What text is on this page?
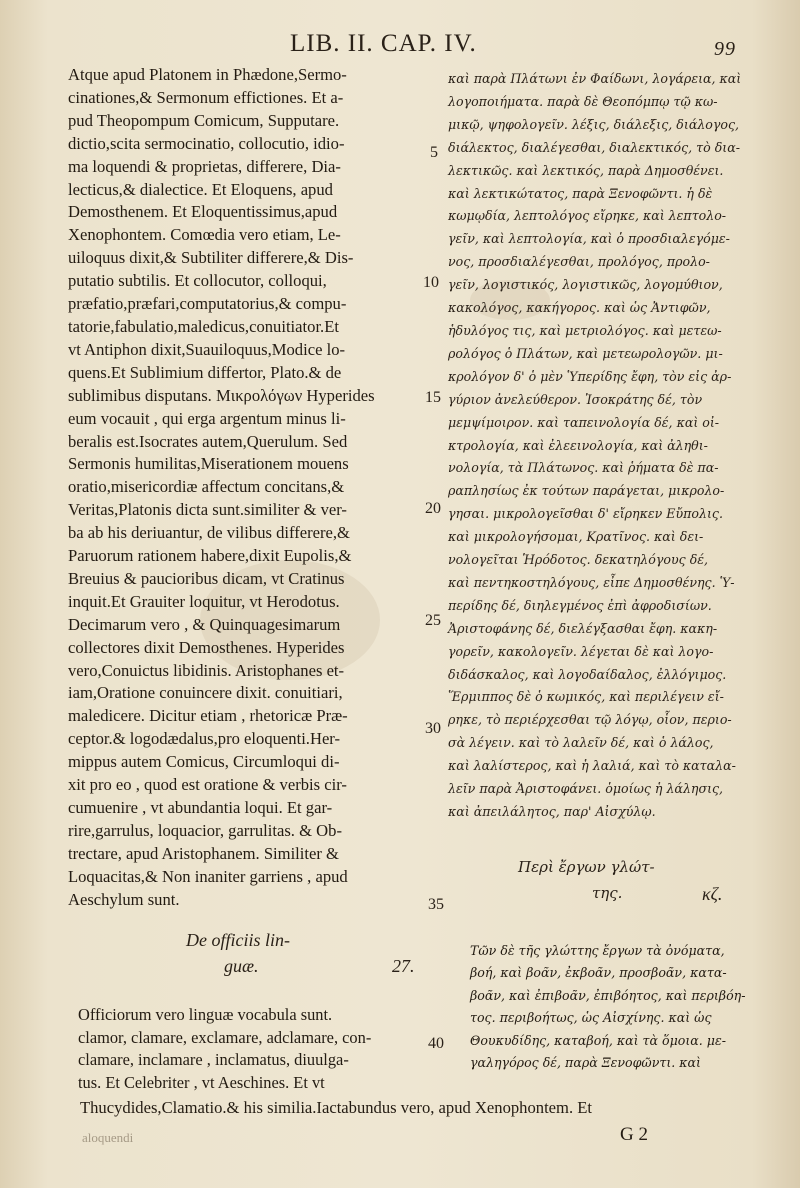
LIB. II. CAP. IV.	99
Atque apud Platonem in Phædone,Sermo-
cinationes,& Sermonum effictiones. Et a-
pud Theopompum Comicum, Supputare.
dictio,scita sermocinatio, collocutio, idio-
ma loquendi & proprietas, differere, Dia-
lecticus,& dialectice. Et Eloquens, apud
Demosthenem. Et Eloquentissimus,apud
Xenophontem. Comœdia vero etiam, Le-
uiloquus dixit,& Subtiliter differere,& Dis-
putatio subtilis. Et collocutor, colloqui,
præfatio,præfari,computatorius,& compu-
tatorie,fabulatio,maledicus,conuitiator.Et
vt Antiphon dixit,Suauiloquus,Modice lo-
quens.Et Sublimium differtor, Plato.& de
sublimibus disputans. Μικρολόγων Hyperides
eum vocauit , qui erga argentum minus li-
beralis est.Isocrates autem,Querulum. Sed
Sermonis humilitas,Miserationem mouens
oratio,misericordiæ affectum concitans,&
Veritas,Platonis dicta sunt.similiter & ver-
ba ab his deriuantur, de vilibus differere,&
Paruorum rationem habere,dixit Eupolis,&
Breuius & paucioribus dicam, vt Cratinus
inquit.Et Grauiter loquitur, vt Herodotus.
Decimarum vero , & Quinquagesimarum
collectores dixit Demosthenes. Hyperides
vero,Conuictus libidinis. Aristophanes et-
iam,Oratione conuincere dixit. conuitiari,
maledicere. Dicitur etiam , rhetoricæ Præ-
ceptor.& logodædalus,pro eloquenti.Her-
mippus autem Comicus, Circumloqui di-
xit pro eo , quod est oratione & verbis cir-
cumuenire , vt abundantia loqui. Et gar-
rire,garrulus, loquacior, garrulitas. & Ob-
trectare, apud Aristophanem. Similiter &
Loquacitas,& Non inaniter garriens , apud
Aeschylum sunt.
καὶ παρὰ Πλάτωνι ἐν Φαίδωνι, λογάρεια, καὶ
λογοποιήματα. παρὰ δὲ Θεοπόμπῳ τῷ κω-
μικῷ, ψηφολογεῖν. λέξις, διάλεξις, διάλογος,
διάλεκτος, διαλέγεσθαι, διαλεκτικός, τὸ δια-
λεκτικῶς. καὶ λεκτικός, παρὰ Δημοσθένει.
καὶ λεκτικώτατος, παρὰ Ξενοφῶντι. ἡ δὲ
κωμῳδία, λεπτολόγος εἴρηκε, καὶ λεπτολο-
γεῖν, καὶ λεπτολογία, καὶ ὁ προσδιαλεγόμε-
νος, προσδιαλέγεσθαι, προλόγος, προλο-
γεῖν, λογιστικός, λογιστικῶς, λογομύθιον,
κακολόγος, κακήγορος. καὶ ὡς Ἀντιφῶν,
ἡδυλόγος τις, καὶ μετριολόγος. καὶ μετεω-
ρολόγος ὁ Πλάτων, καὶ μετεωρολογῶν. μι-
κρολόγον δ' ὁ μὲν Ὑπερίδης ἔφη, τὸν εἰς ἀρ-
γύριον ἀνελεύθερον. Ἰσοκράτης δέ, τὸν
μεμψίμοιρον. καὶ ταπεινολογία δέ, καὶ οἰ-
κτρολογία, καὶ ἐλεεινολογία, καὶ ἀληθι-
νολογία, τὰ Πλάτωνος. καὶ ῥήματα δὲ πα-
ραπλησίως ἐκ τούτων παράγεται, μικρολο-
γησαι. μικρολογεῖσθαι δ' εἴρηκεν Εὔπολις.
καὶ μικρολογήσομαι, Κρατῖνος. καὶ δει-
νολογεῖται Ἡρόδοτος. δεκατηλόγους δέ,
καὶ πεντηκοστηλόγους, εἶπε Δημοσθένης. Ὑ-
περίδης δέ, διηλεγμένος ἐπὶ ἀφροδισίων.
Ἀριστοφάνης δέ, διελέγξασθαι ἔφη. κακη-
γορεῖν, κακολογεῖν. λέγεται δὲ καὶ λογο-
διδάσκαλος, καὶ λογοδαίδαλος, ἐλλόγιμος.
Ἕρμιππος δὲ ὁ κωμικός, καὶ περιλέγειν εἴ-
ρηκε, τὸ περιέρχεσθαι τῷ λόγῳ, οἷον, περιο-
σὰ λέγειν. καὶ τὸ λαλεῖν δέ, καὶ ὁ λάλος,
καὶ λαλίστερος, καὶ ἡ λαλιά, καὶ τὸ καταλα-
λεῖν παρὰ Ἀριστοφάνει. ὁμοίως ἡ λάλησις,
καὶ ἀπειλάλητος, παρ' Αἰσχύλῳ.
5
10
15
20
25
30
35
40
De officiis lin-
guæ.	27.
Περὶ ἔργων γλώτ-
της.	κζ.
Officiorum vero linguæ vocabula sunt.
clamor, clamare, exclamare, adclamare, con-
clamare, inclamare , inclamatus, diuulga-
tus. Et Celebriter , vt Aeschines. Et vt
Τῶν δὲ τῆς γλώττης ἔργων τὰ ὀνόματα,
βοή, καὶ βοᾶν, ἐκβοᾶν, προσβοᾶν, κατα-
βοᾶν, καὶ ἐπιβοᾶν, ἐπιβόητος, καὶ περιβόη-
τος. περιβοήτως, ὡς Αἰσχίνης. καὶ ὡς
Θουκυδίδης, καταβοή, καὶ τὰ ὅμοια. με-
γαληγόρος δέ, παρὰ Ξενοφῶντι. καὶ
Thucydides,Clamatio.& his similia.Iactabundus vero, apud Xenophontem. Et
G 2
aloquendi
